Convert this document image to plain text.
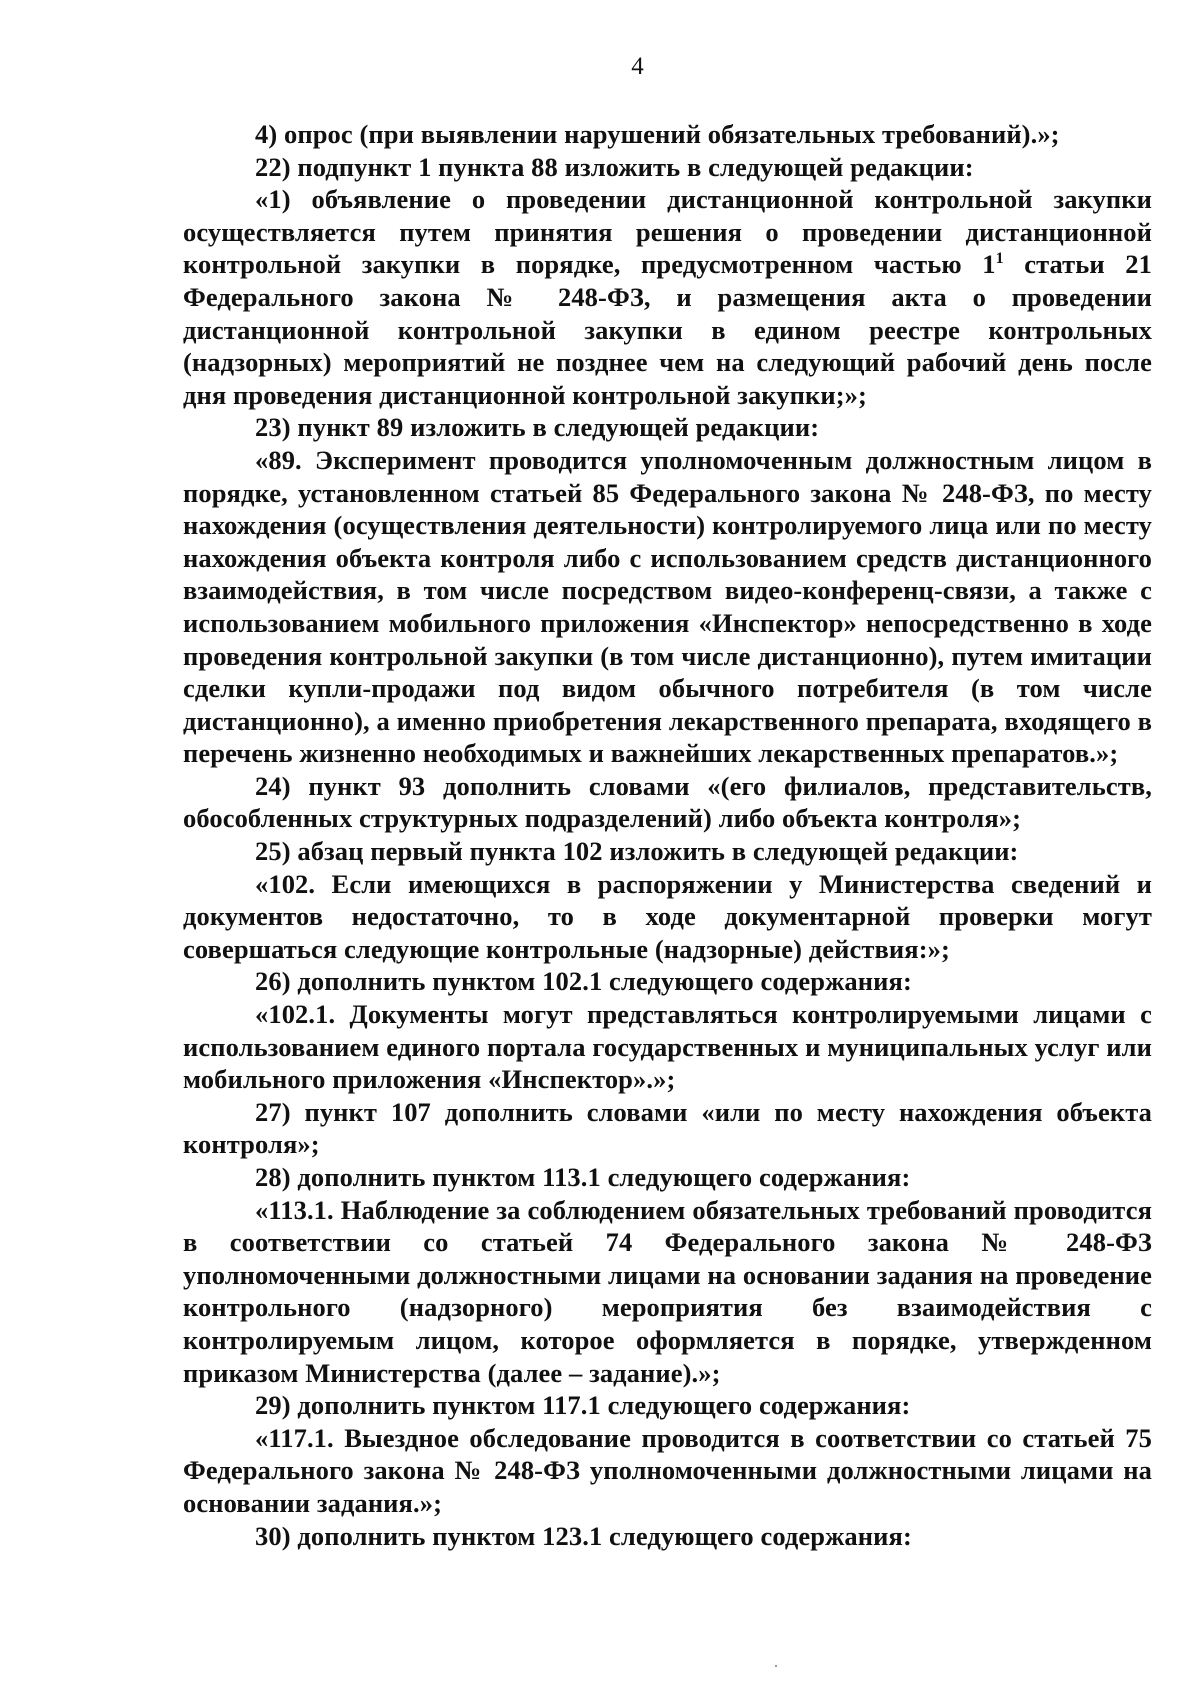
4

4) опрос (при выявлении нарушений обязательных требований).»;

22) подпункт 1 пункта 88 изложить в следующей редакции:

«1) объявление о проведении дистанционной контрольной закупки осуществляется путем принятия решения о проведении дистанционной контрольной закупки в порядке, предусмотренном частью $1^1$ статьи 21 Федерального закона № 248-ФЗ, и размещения акта о проведении дистанционной контрольной закупки в едином реестре контрольных (надзорных) мероприятий не позднее чем на следующий рабочий день после дня проведения дистанционной контрольной закупки;»;

23) пункт 89 изложить в следующей редакции:

«89. Эксперимент проводится уполномоченным должностным лицом в порядке, установленном статьей 85 Федерального закона № 248-ФЗ, по месту нахождения (осуществления деятельности) контролируемого лица или по месту нахождения объекта контроля либо с использованием средств дистанционного взаимодействия, в том числе посредством видео-конференц-связи, а также с использованием мобильного приложения «Инспектор» непосредственно в ходе проведения контрольной закупки (в том числе дистанционно), путем имитации сделки купли-продажи под видом обычного потребителя (в том числе дистанционно), а именно приобретения лекарственного препарата, входящего в перечень жизненно необходимых и важнейших лекарственных препаратов.»;

24) пункт 93 дополнить словами «(его филиалов, представительств, обособленных структурных подразделений) либо объекта контроля»;

25) абзац первый пункта 102 изложить в следующей редакции:

«102. Если имеющихся в распоряжении у Министерства сведений и документов недостаточно, то в ходе документарной проверки могут совершаться следующие контрольные (надзорные) действия:»;

26) дополнить пунктом 102.1 следующего содержания:

«102.1. Документы могут представляться контролируемыми лицами с использованием единого портала государственных и муниципальных услуг или мобильного приложения «Инспектор».»;

27) пункт 107 дополнить словами «или по месту нахождения объекта контроля»;

28) дополнить пунктом 113.1 следующего содержания:

«113.1. Наблюдение за соблюдением обязательных требований проводится в соответствии со статьей 74 Федерального закона № 248-ФЗ уполномоченными должностными лицами на основании задания на проведение контрольного (надзорного) мероприятия без взаимодействия с контролируемым лицом, которое оформляется в порядке, утвержденном приказом Министерства (далее – задание).»;

29) дополнить пунктом 117.1 следующего содержания:

«117.1. Выездное обследование проводится в соответствии со статьей 75 Федерального закона № 248-ФЗ уполномоченными должностными лицами на основании задания.»;

30) дополнить пунктом 123.1 следующего содержания:
